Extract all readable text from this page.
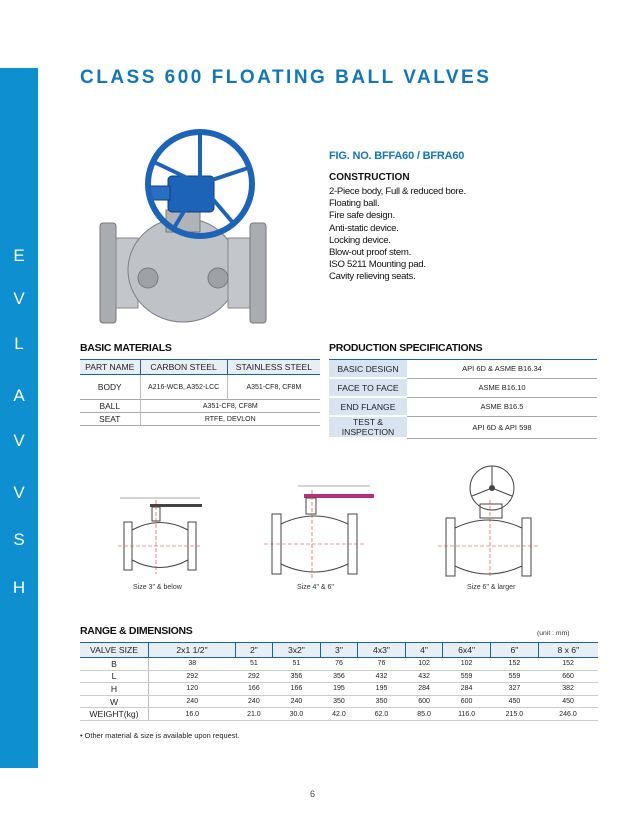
E
V
L
A
V
V
S
H
CLASS 600 FLOATING BALL VALVES
FIG. NO. BFFA60 / BFRA60
CONSTRUCTION
2-Piece body, Full & reduced bore.
Floating ball.
Fire safe design.
Anti-static device.
Locking device.
Blow-out proof stem.
ISO 5211 Mounting pad.
Cavity relieving seats.
BASIC MATERIALS
PART NAME	CARBON STEEL	STAINLESS STEEL
BODY	A216-WCB, A352-LCC	A351-CF8, CF8M
BALL	A351-CF8, CF8M	
SEAT	RTFE, DEVLON	
PRODUCTION SPECIFICATIONS
BASIC DESIGN	API 6D & ASME B16.34
FACE TO FACE	ASME B16.10
END FLANGE	ASME B16.5
TEST & INSPECTION	API 6D & API 598
Size 3" & below	Size 4" & 6"	Size 6" & larger
RANGE & DIMENSIONS	(unit : mm)
VALVE SIZE	2x1 1/2"	2"	3x2"	3"	4x3"	4"	6x4"	6"	8 x 6"
B	38	51	51	76	76	102	102	152	152
L	292	292	356	356	432	432	559	559	660
H	120	166	166	195	195	284	284	327	382
W	240	240	240	350	350	600	600	450	450
WEIGHT(kg)	16.0	21.0	30.0	42.0	62.0	85.0	116.0	215.0	246.0
• Other material & size is available upon request.
6
